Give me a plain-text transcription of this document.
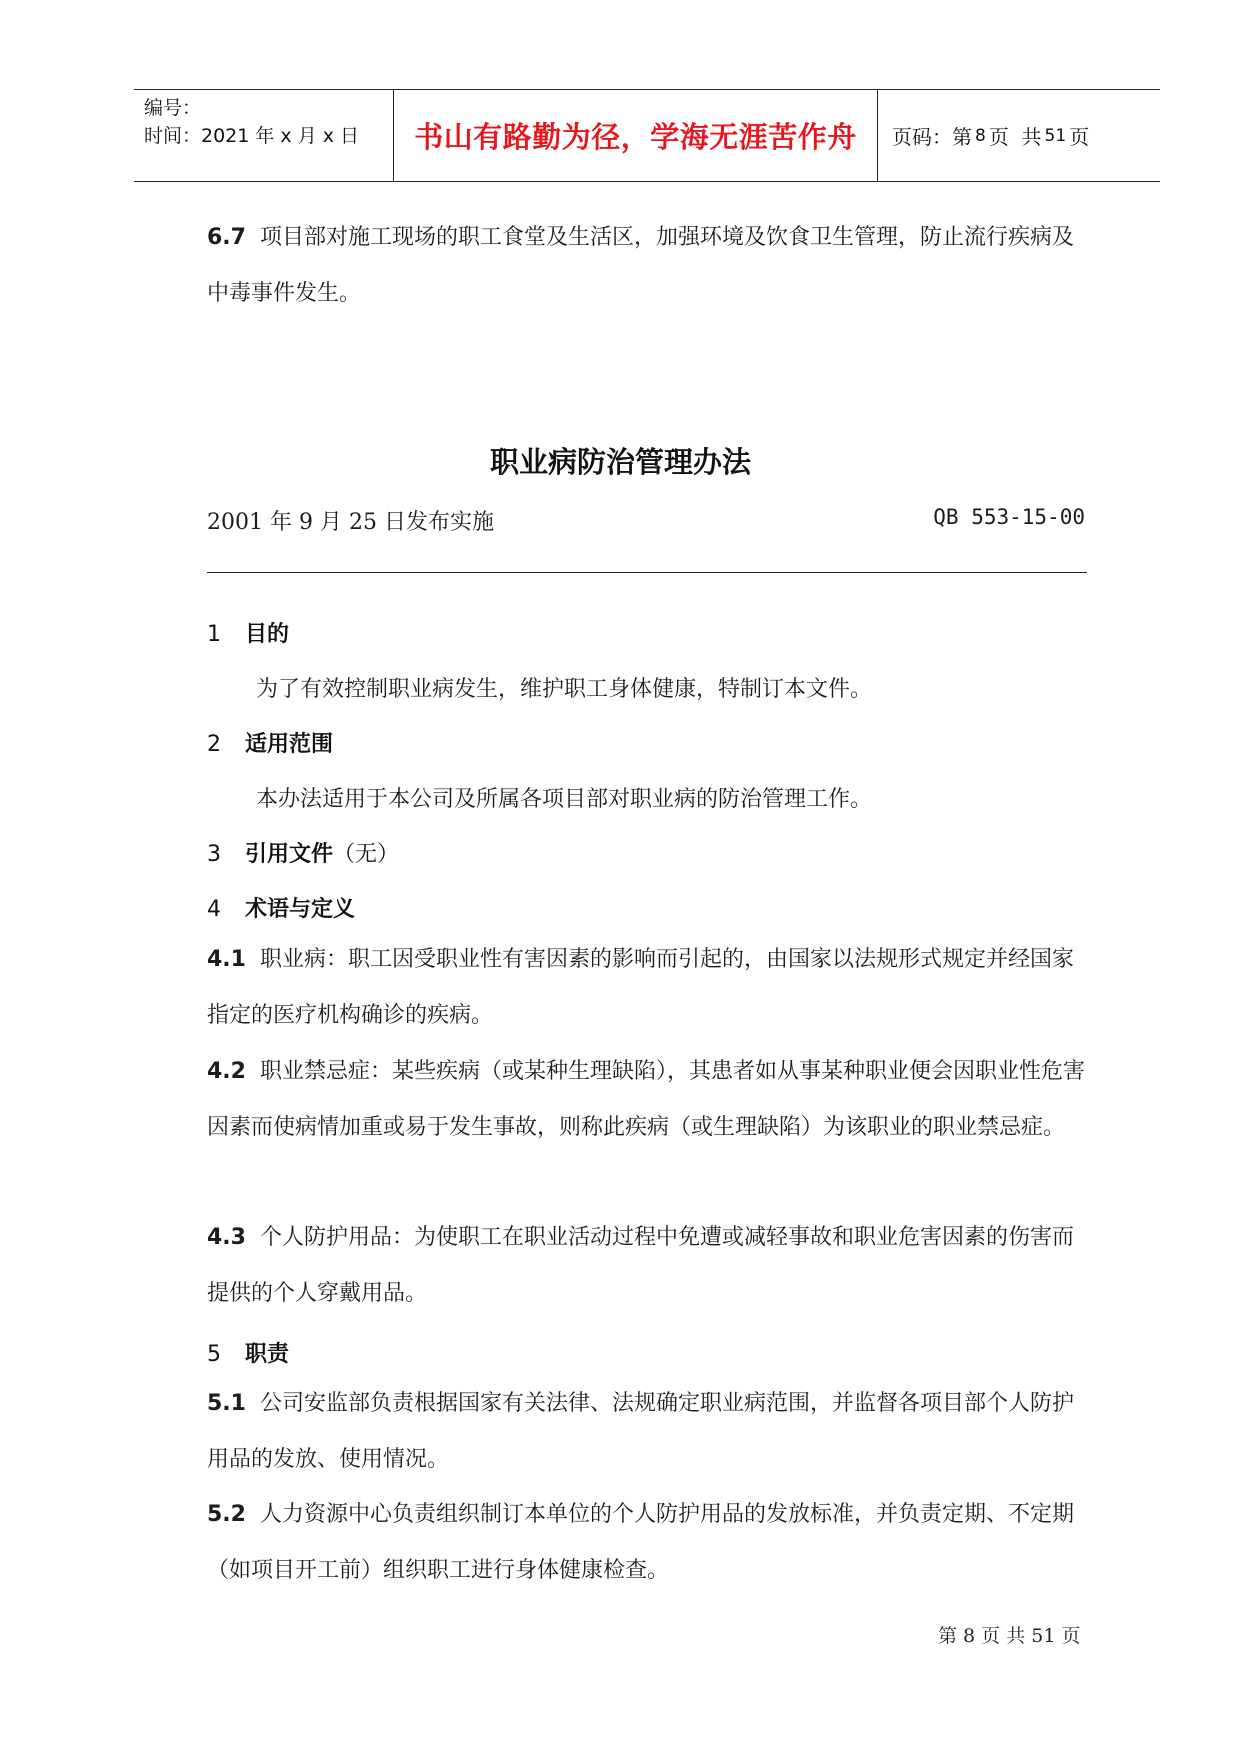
编号：
时间：2021 年 x 月 x 日	书山有路勤为径，学海无涯苦作舟 页码：第 8 页  共 51 页
6.7 项目部对施工现场的职工食堂及生活区，加强环境及饮食卫生管理，防止流行疾病及中毒事件发生。
职业病防治管理办法
2001 年 9 月 25 日发布实施	QB 553-15-00
1 目的
为了有效控制职业病发生，维护职工身体健康，特制订本文件。
2 适用范围
本办法适用于本公司及所属各项目部对职业病的防治管理工作。
3 引用文件（无）
4 术语与定义
4.1 职业病：职工因受职业性有害因素的影响而引起的，由国家以法规形式规定并经国家指定的医疗机构确诊的疾病。
4.2 职业禁忌症：某些疾病（或某种生理缺陷），其患者如从事某种职业便会因职业性危害因素而使病情加重或易于发生事故，则称此疾病（或生理缺陷）为该职业的职业禁忌症。
4.3 个人防护用品：为使职工在职业活动过程中免遭或减轻事故和职业危害因素的伤害而提供的个人穿戴用品。
5 职责
5.1 公司安监部负责根据国家有关法律、法规确定职业病范围，并监督各项目部个人防护用品的发放、使用情况。
5.2 人力资源中心负责组织制订本单位的个人防护用品的发放标准，并负责定期、不定期（如项目开工前）组织职工进行身体健康检查。
第 8 页 共 51 页
